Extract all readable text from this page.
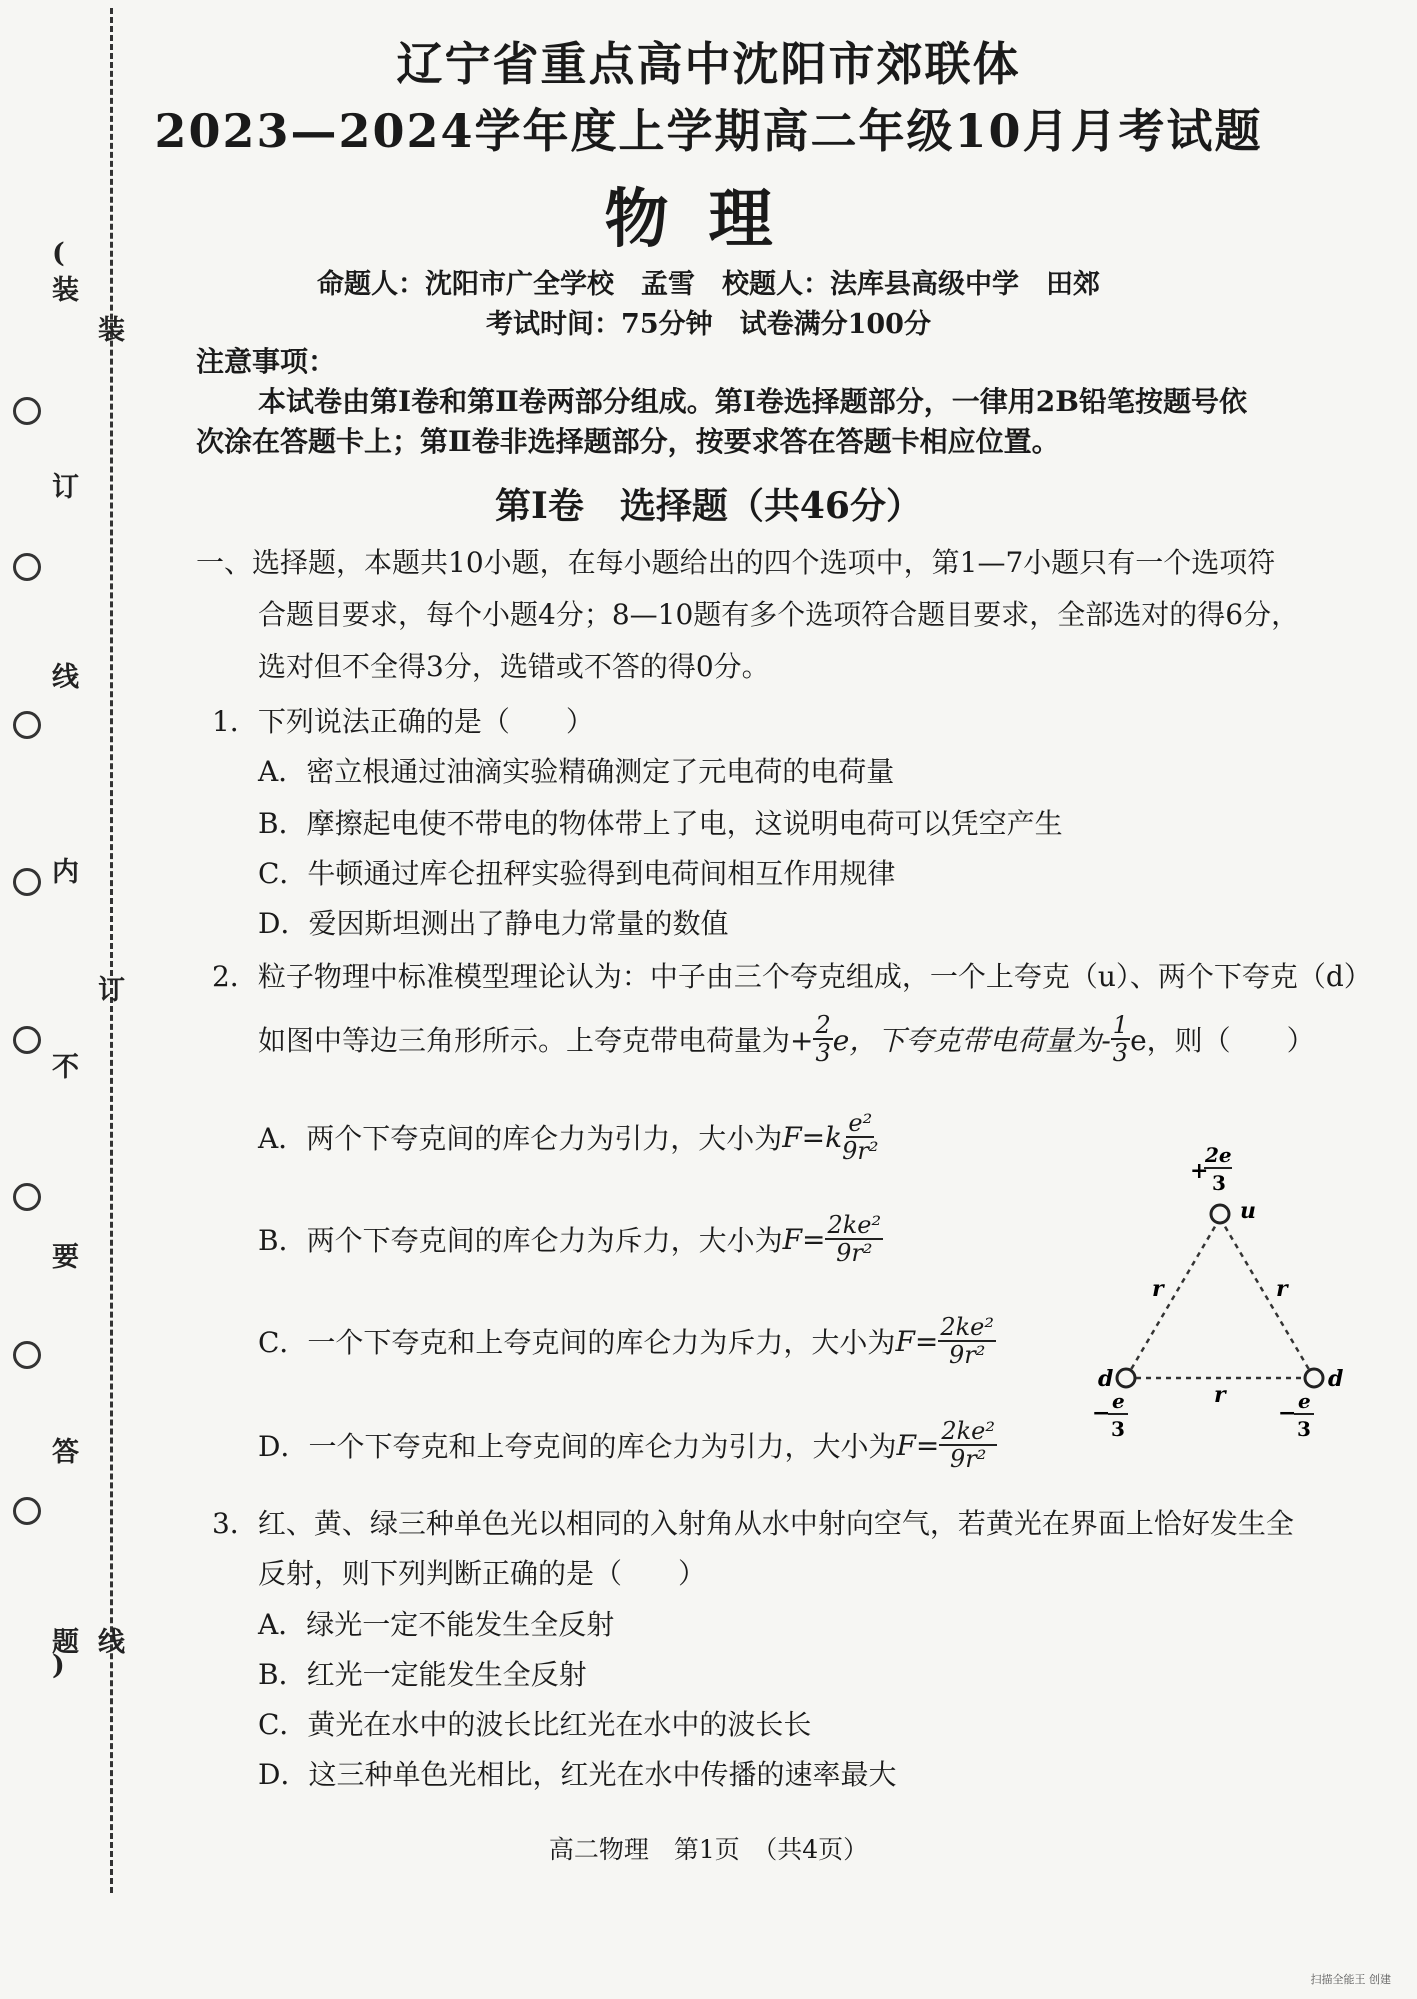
(
装
订
线
内
不
要
答
题
)
装
订
线
辽宁省重点高中沈阳市郊联体
2023—2024学年度上学期高二年级10月月考试题
物理
命题人：沈阳市广全学校　孟雪　校题人：法库县高级中学　田郊
考试时间：75分钟　试卷满分100分
注意事项：
本试卷由第Ⅰ卷和第Ⅱ卷两部分组成。第Ⅰ卷选择题部分，一律用2B铅笔按题号依
次涂在答题卡上；第Ⅱ卷非选择题部分，按要求答在答题卡相应位置。
第Ⅰ卷　选择题（共46分）
一、选择题，本题共10小题，在每小题给出的四个选项中，第1—7小题只有一个选项符
合题目要求，每个小题4分；8—10题有多个选项符合题目要求，全部选对的得6分，
选对但不全得3分，选错或不答的得0分。
1．下列说法正确的是（　　）
A．密立根通过油滴实验精确测定了元电荷的电荷量
B．摩擦起电使不带电的物体带上了电，这说明电荷可以凭空产生
C．牛顿通过库仑扭秤实验得到电荷间相互作用规律
D．爱因斯坦测出了静电力常量的数值
2．粒子物理中标准模型理论认为：中子由三个夸克组成，一个上夸克（u）、两个下夸克（d）
如图中等边三角形所示。上夸克带电荷量为+ $\frac{2}{3}$ e，下夸克带电荷量为- $\frac{1}{3}$ e，则（　　）
A．两个下夸克间的库仑力为引力，大小为 $F=k \frac{\text{e²}}{\text{9r²}}$
B．两个下夸克间的库仑力为斥力，大小为 $F= \frac{\text{2ke²}}{\text{9r²}}$
C．一个下夸克和上夸克间的库仑力为斥力，大小为 $F= \frac{\text{2ke²}}{\text{9r²}}$
D．一个下夸克和上夸克间的库仑力为引力，大小为 $F= \frac{\text{2ke²}}{\text{9r²}}$
u
d	d
r	r
r
+
2e
3
− e
3
− e
3
3．红、黄、绿三种单色光以相同的入射角从水中射向空气，若黄光在界面上恰好发生全
反射，则下列判断正确的是（　　）
A．绿光一定不能发生全反射
B．红光一定能发生全反射
C．黄光在水中的波长比红光在水中的波长长
D．这三种单色光相比，红光在水中传播的速率最大
高二物理　第1页　（共4页）
扫描全能王 创建
